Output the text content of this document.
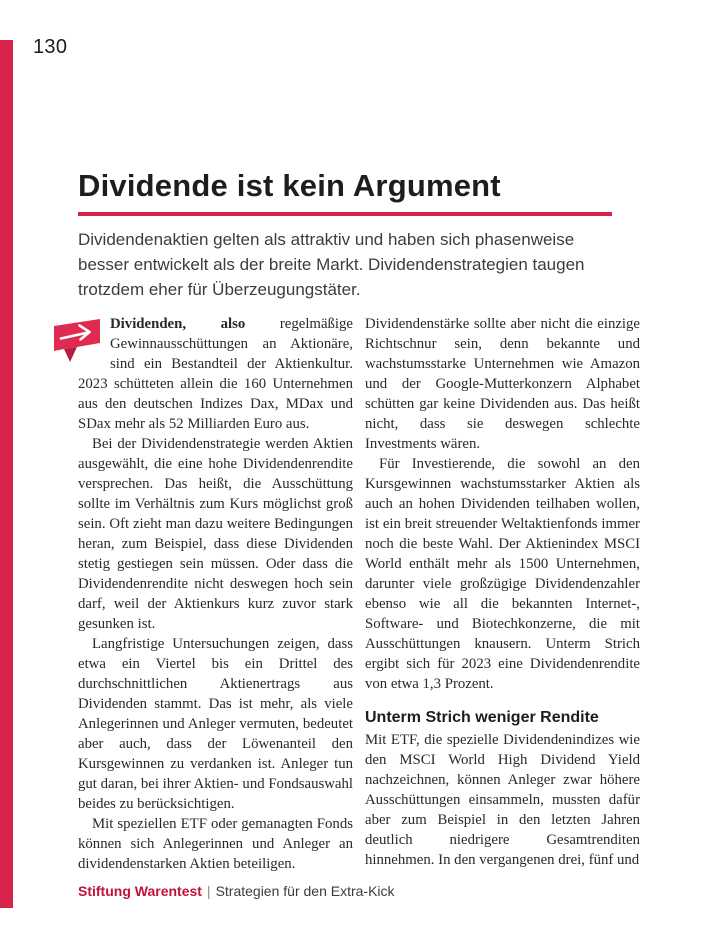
130
Dividende ist kein Argument

Dividendenaktien gelten als attraktiv und haben sich phasenweise besser entwickelt als der breite Markt. Dividendenstrategien taugen trotzdem eher für Überzeugungstäter.

Dividenden, also regelmäßige Gewinnausschüttungen an Aktionäre, sind ein Bestandteil der Aktienkultur. 2023 schütteten allein die 160 Unternehmen aus den deutschen Indizes Dax, MDax und SDax mehr als 52 Milliarden Euro aus.

Bei der Dividendenstrategie werden Aktien ausgewählt, die eine hohe Dividendenrendite versprechen. Das heißt, die Ausschüttung sollte im Verhältnis zum Kurs möglichst groß sein. Oft zieht man dazu weitere Bedingungen heran, zum Beispiel, dass diese Dividenden stetig gestiegen sein müssen. Oder dass die Dividendenrendite nicht deswegen hoch sein darf, weil der Aktienkurs kurz zuvor stark gesunken ist.

Langfristige Untersuchungen zeigen, dass etwa ein Viertel bis ein Drittel des durchschnittlichen Aktienertrags aus Dividenden stammt. Das ist mehr, als viele Anlegerinnen und Anleger vermuten, bedeutet aber auch, dass der Löwenanteil den Kursgewinnen zu verdanken ist. Anleger tun gut daran, bei ihrer Aktien- und Fondsauswahl beides zu berücksichtigen.

Mit speziellen ETF oder gemanagten Fonds können sich Anlegerinnen und Anleger an dividendenstarken Aktien beteiligen.

Dividendenstärke sollte aber nicht die einzige Richtschnur sein, denn bekannte und wachstumsstarke Unternehmen wie Amazon und der Google-Mutterkonzern Alphabet schütten gar keine Dividenden aus. Das heißt nicht, dass sie deswegen schlechte Investments wären.

Für Investierende, die sowohl an den Kursgewinnen wachstumsstarker Aktien als auch an hohen Dividenden teilhaben wollen, ist ein breit streuender Weltaktienfonds immer noch die beste Wahl. Der Aktienindex MSCI World enthält mehr als 1500 Unternehmen, darunter viele großzügige Dividendenzahler ebenso wie all die bekannten Internet-, Software- und Biotechkonzerne, die mit Ausschüttungen knausern. Unterm Strich ergibt sich für 2023 eine Dividendenrendite von etwa 1,3 Prozent.

Unterm Strich weniger Rendite

Mit ETF, die spezielle Dividendenindizes wie den MSCI World High Dividend Yield nachzeichnen, können Anleger zwar höhere Ausschüttungen einsammeln, mussten dafür aber zum Beispiel in den letzten Jahren deutlich niedrigere Gesamtrenditen hinnehmen. In den vergangenen drei, fünf und

Stiftung Warentest | Strategien für den Extra-Kick
